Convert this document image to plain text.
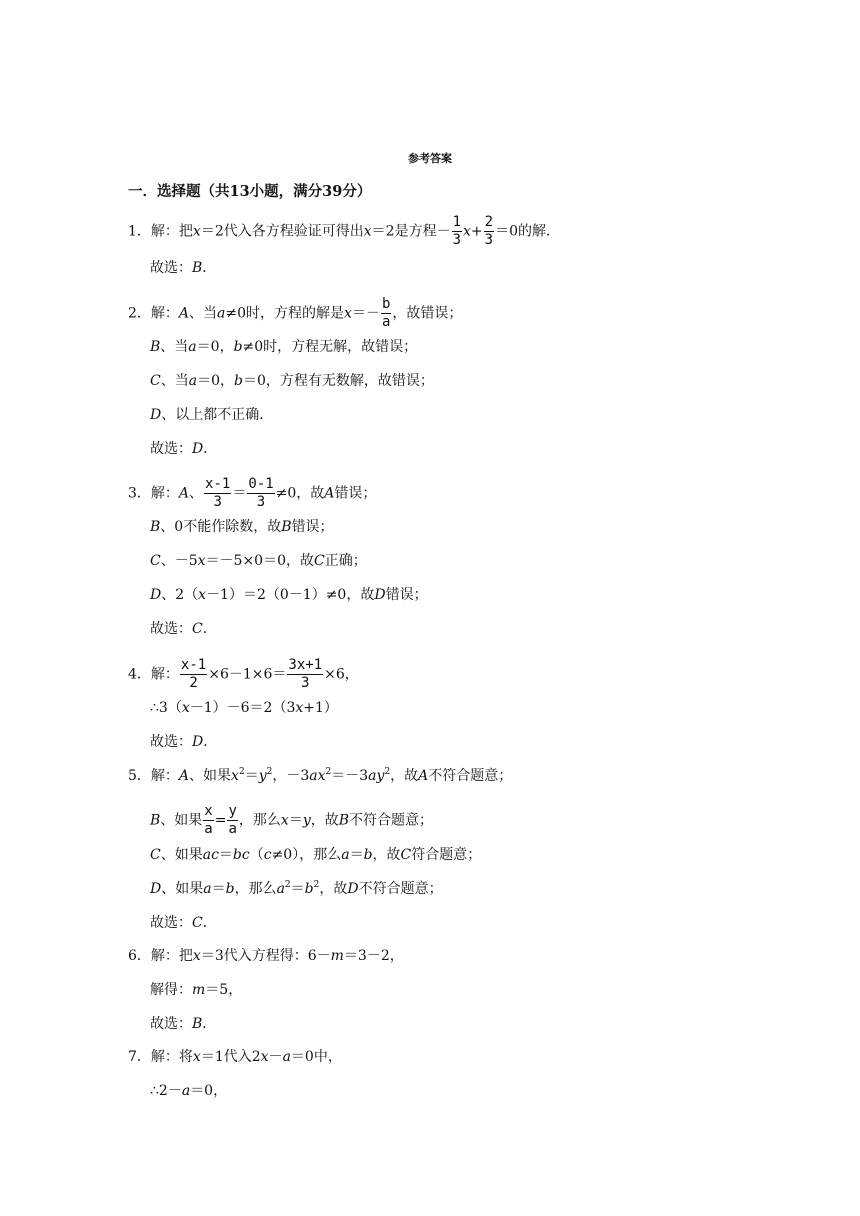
参考答案
一．选择题（共13小题，满分39分）
1．解：把x＝2代入各方程验证可得出x＝2是方程－ $\frac{1}{3} x+ \frac{2}{3} =0$的解．
故选：B．
2．解：A、当a≠0时，方程的解是$x=- \frac{b}{a}$ ，故错误；
B、当a＝0，b≠0时，方程无解，故错误；
C、当a＝0，b＝0，方程有无数解，故错误；
D、以上都不正确．
故选：D．
3．解：A、 $\frac{x-1}{3} = \frac{0-1}{3} \ne 0$，故A错误；
B、0不能作除数，故B错误；
C、－5x＝－5×0＝0，故C正确；
D、2（x－1）＝2（0－1）≠0，故D错误；
故选：C．
4．解： $\frac{x-1}{2} \times 6-1\times 6= \frac{3x+1}{3} \times 6$，
∴3（x－1）－6＝2（3x+1）
故选：D．
5．解：A、如果$x^2=y^2$，$-3ax^2=-3ay^2$，故A不符合题意；
B、如果 $\frac{x}{a} = \frac{y}{a}$ ，那么x＝y，故B不符合题意；
C、如果ac＝bc（c≠0），那么a＝b，故C符合题意；
D、如果a＝b，那么$a^2=b^2$，故D不符合题意；
故选：C．
6．解：把x＝3代入方程得：6－m＝3－2，
解得：m＝5，
故选：B．
7．解：将x＝1代入2x－a＝0中，
∴2－a＝0，
